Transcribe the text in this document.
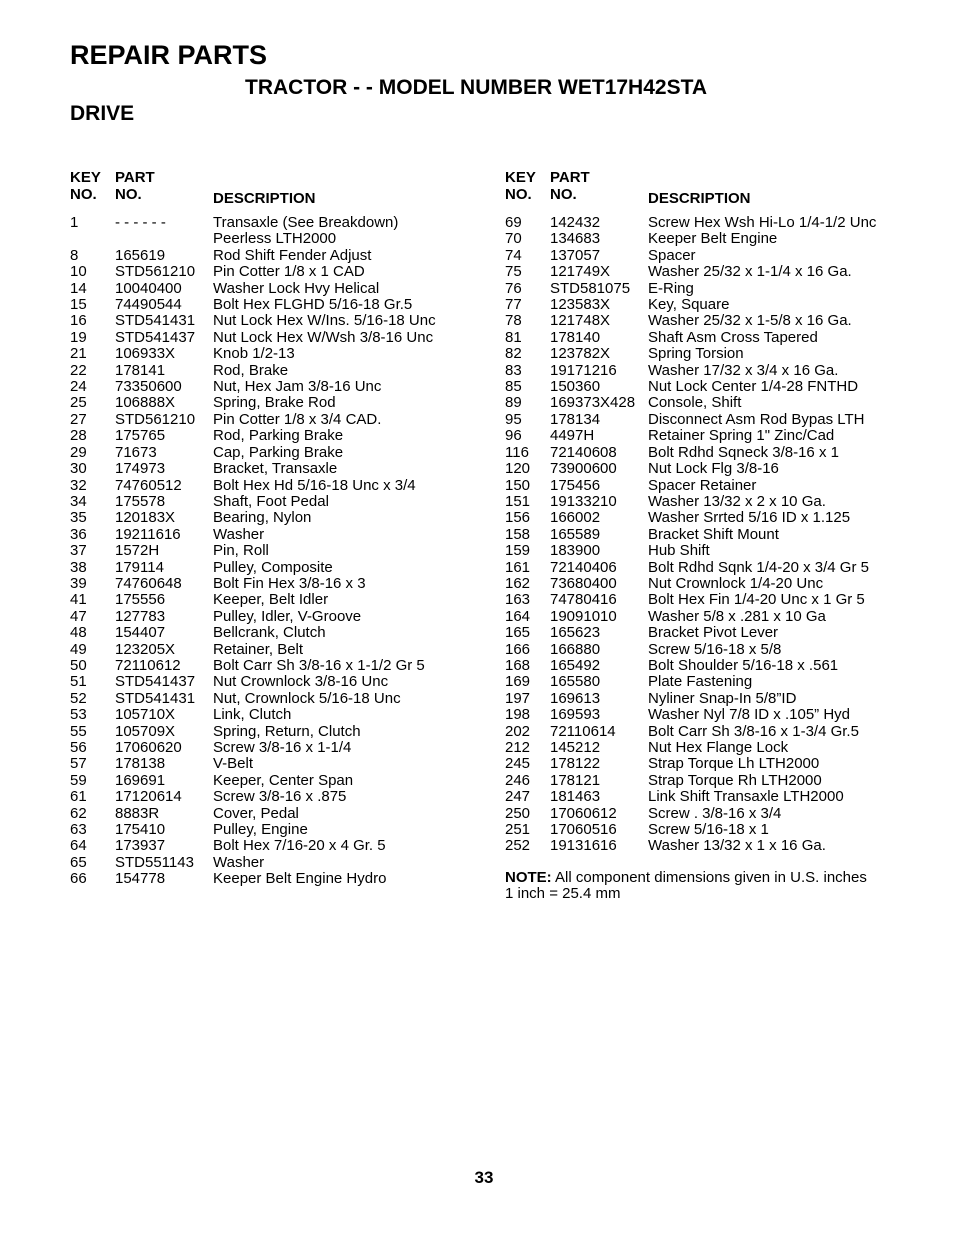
REPAIR PARTS
TRACTOR - - MODEL NUMBER WET17H42STA
DRIVE
KEY
NO.
PART
NO.	DESCRIPTION
1	- - - - - -	Transaxle (See Breakdown)
Peerless LTH2000
8	165619	Rod Shift Fender Adjust
10	STD561210	Pin Cotter 1/8 x 1 CAD
14	10040400	Washer Lock Hvy Helical
15	74490544	Bolt Hex FLGHD 5/16-18 Gr.5
16	STD541431	Nut Lock Hex W/Ins. 5/16-18 Unc
19	STD541437	Nut Lock Hex W/Wsh 3/8-16 Unc
21	106933X	Knob 1/2-13
22	178141	Rod, Brake
24	73350600	Nut, Hex Jam 3/8-16 Unc
25	106888X	Spring, Brake Rod
27	STD561210	Pin Cotter 1/8 x 3/4 CAD.
28	175765	Rod, Parking Brake
29	71673	Cap, Parking Brake
30	174973	Bracket, Transaxle
32	74760512	Bolt Hex Hd 5/16-18 Unc x 3/4
34	175578	Shaft, Foot Pedal
35	120183X	Bearing, Nylon
36	19211616	Washer
37	1572H	Pin, Roll
38	179114	Pulley, Composite
39	74760648	Bolt Fin Hex 3/8-16 x 3
41	175556	Keeper, Belt Idler
47	127783	Pulley, Idler, V-Groove
48	154407	Bellcrank, Clutch
49	123205X	Retainer, Belt
50	72110612	Bolt Carr Sh 3/8-16 x 1-1/2 Gr 5
51	STD541437	Nut Crownlock 3/8-16 Unc
52	STD541431	Nut, Crownlock 5/16-18 Unc
53	105710X	Link, Clutch
55	105709X	Spring, Return, Clutch
56	17060620	Screw 3/8-16 x 1-1/4
57	178138	V-Belt
59	169691	Keeper, Center Span
61	17120614	Screw 3/8-16 x .875
62	8883R	Cover, Pedal
63	175410	Pulley, Engine
64	173937	Bolt Hex 7/16-20 x 4 Gr. 5
65	STD551143	Washer
66	154778	Keeper Belt Engine Hydro
KEY
NO.
PART
NO.	DESCRIPTION
69	142432	Screw Hex Wsh Hi-Lo 1/4-1/2 Unc
70	134683	Keeper Belt Engine
74	137057	Spacer
75	121749X	Washer 25/32 x 1-1/4 x 16 Ga.
76	STD581075	E-Ring
77	123583X	Key, Square
78	121748X	Washer 25/32 x 1-5/8 x 16 Ga.
81	178140	Shaft Asm Cross Tapered
82	123782X	Spring Torsion
83	19171216	Washer 17/32 x 3/4 x 16 Ga.
85	150360	Nut Lock Center 1/4-28 FNTHD
89	169373X428 Console, Shift
95	178134	Disconnect Asm Rod Bypas LTH
96	4497H	Retainer Spring 1" Zinc/Cad
116	72140608	Bolt Rdhd Sqneck 3/8-16 x 1
120	73900600	Nut Lock Flg 3/8-16
150	175456	Spacer Retainer
151	19133210	Washer 13/32 x 2 x 10 Ga.
156	166002	Washer Srrted 5/16 ID x 1.125
158	165589	Bracket Shift Mount
159	183900	Hub Shift
161	72140406	Bolt Rdhd Sqnk 1/4-20 x 3/4 Gr 5
162	73680400	Nut Crownlock 1/4-20 Unc
163	74780416	Bolt Hex Fin 1/4-20 Unc x 1 Gr 5
164	19091010	Washer 5/8 x .281 x 10 Ga
165	165623	Bracket Pivot Lever
166	166880	Screw 5/16-18 x 5/8
168	165492	Bolt Shoulder 5/16-18 x .561
169	165580	Plate Fastening
197	169613	Nyliner Snap-In 5/8”ID
198	169593	Washer Nyl 7/8 ID x .105” Hyd
202	72110614	Bolt Carr Sh 3/8-16 x 1-3/4 Gr.5
212	145212	Nut Hex Flange Lock
245	178122	Strap Torque Lh LTH2000
246	178121	Strap Torque Rh LTH2000
247	181463	Link Shift Transaxle LTH2000
250	17060612	Screw . 3/8-16 x 3/4
251	17060516	Screw 5/16-18 x 1
252	19131616	Washer 13/32 x 1 x 16 Ga.
NOTE: All component dimensions given in U.S. inches
1 inch = 25.4 mm
33
